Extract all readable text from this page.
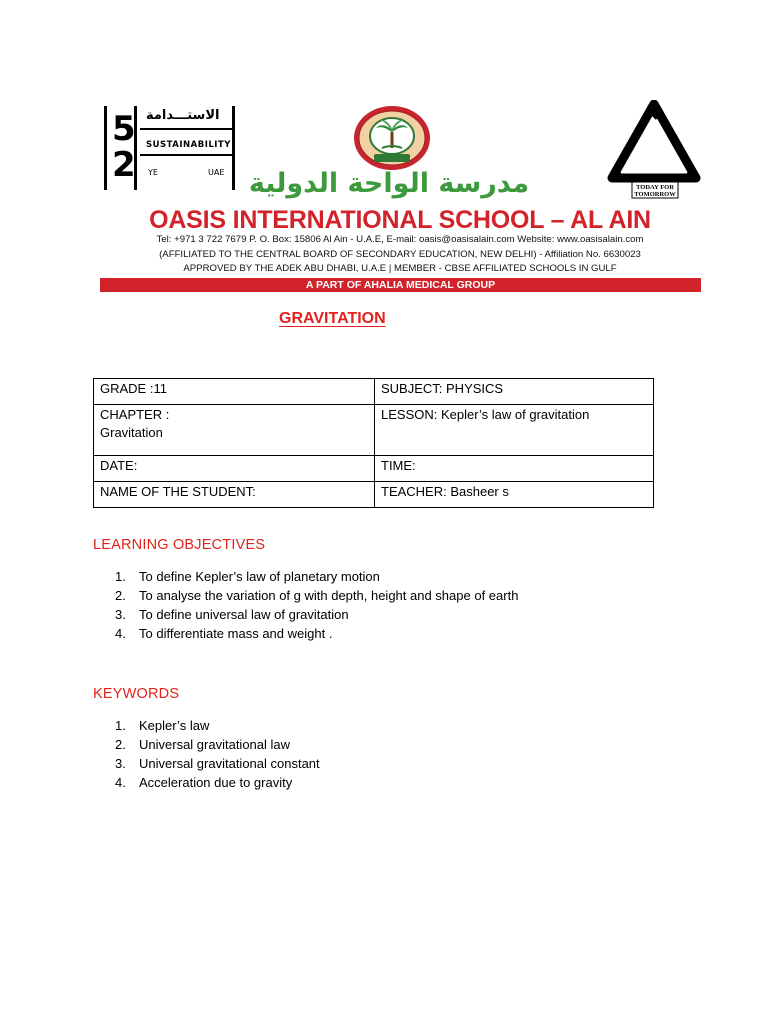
5
2
الاستـــدامة
SUSTAINABILITY
ΥΕ	UAE
TODAY FOR
TOMORROW
مدرسة الواحة الدولية
OASIS INTERNATIONAL SCHOOL – AL AIN
Tel: +971 3 722 7679 P. O. Box: 15806 Al Ain - U.A.E, E-mail: oasis@oasisalain.com Website: www.oasisalain.com
(AFFILIATED TO THE CENTRAL BOARD OF SECONDARY EDUCATION, NEW DELHI) - Affiliation No. 6630023
APPROVED BY THE ADEK ABU DHABI, U.A.E | MEMBER - CBSE AFFILIATED SCHOOLS IN GULF
A PART OF AHALIA MEDICAL GROUP
GRAVITATION
GRADE :11	SUBJECT: PHYSICS

CHAPTER :
Gravitation	LESSON: Kepler’s law of gravitation
DATE:	TIME:
NAME OF THE STUDENT:	TEACHER: Basheer s
LEARNING OBJECTIVES
1. To define Kepler’s law of planetary motion
2. To analyse the variation of g with depth, height and shape of earth
3. To define universal law of gravitation
4. To differentiate mass and weight .
KEYWORDS
1. Kepler’s law
2. Universal gravitational law
3. Universal gravitational constant
4. Acceleration due to gravity
